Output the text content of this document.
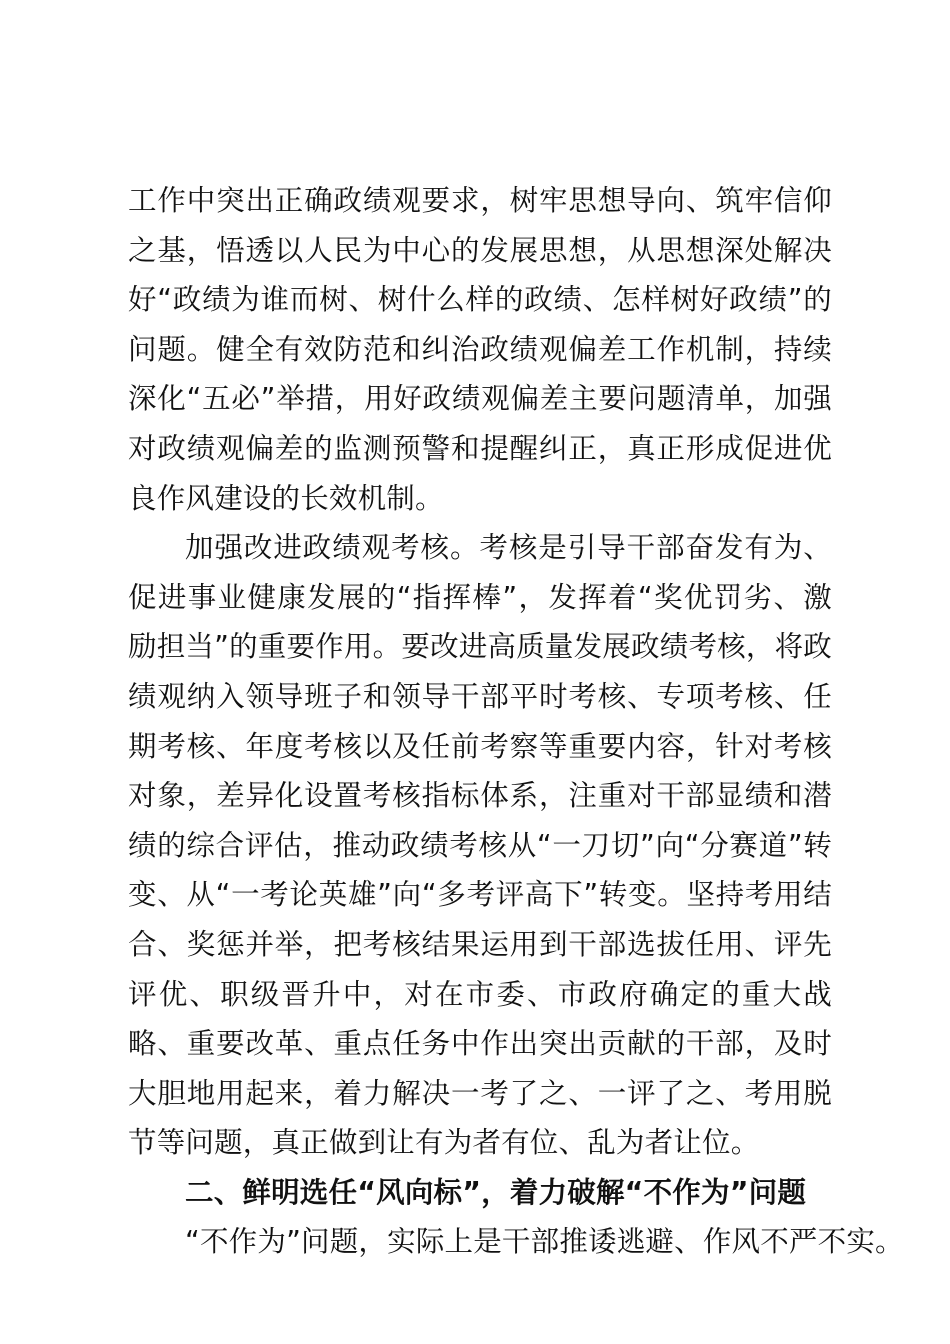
工作中突出正确政绩观要求，树牢思想导向、筑牢信仰之基，悟透以人民为中心的发展思想，从思想深处解决好“政绩为谁而树、树什么样的政绩、怎样树好政绩”的问题。健全有效防范和纠治政绩观偏差工作机制，持续深化“五必”举措，用好政绩观偏差主要问题清单，加强对政绩观偏差的监测预警和提醒纠正，真正形成促进优良作风建设的长效机制。

加强改进政绩观考核。考核是引导干部奋发有为、促进事业健康发展的“指挥棒”，发挥着“奖优罚劣、激励担当”的重要作用。要改进高质量发展政绩考核，将政绩观纳入领导班子和领导干部平时考核、专项考核、任期考核、年度考核以及任前考察等重要内容，针对考核对象，差异化设置考核指标体系，注重对干部显绩和潜绩的综合评估，推动政绩考核从“一刀切”向“分赛道”转变、从“一考论英雄”向“多考评高下”转变。坚持考用结合、奖惩并举，把考核结果运用到干部选拔任用、评先评优、职级晋升中，对在市委、市政府确定的重大战略、重要改革、重点任务中作出突出贡献的干部，及时大胆地用起来，着力解决一考了之、一评了之、考用脱节等问题，真正做到让有为者有位、乱为者让位。

二、鲜明选任“风向标”，着力破解“不作为”问题

“不作为”问题，实际上是干部推诿逃避、作风不严不实。
